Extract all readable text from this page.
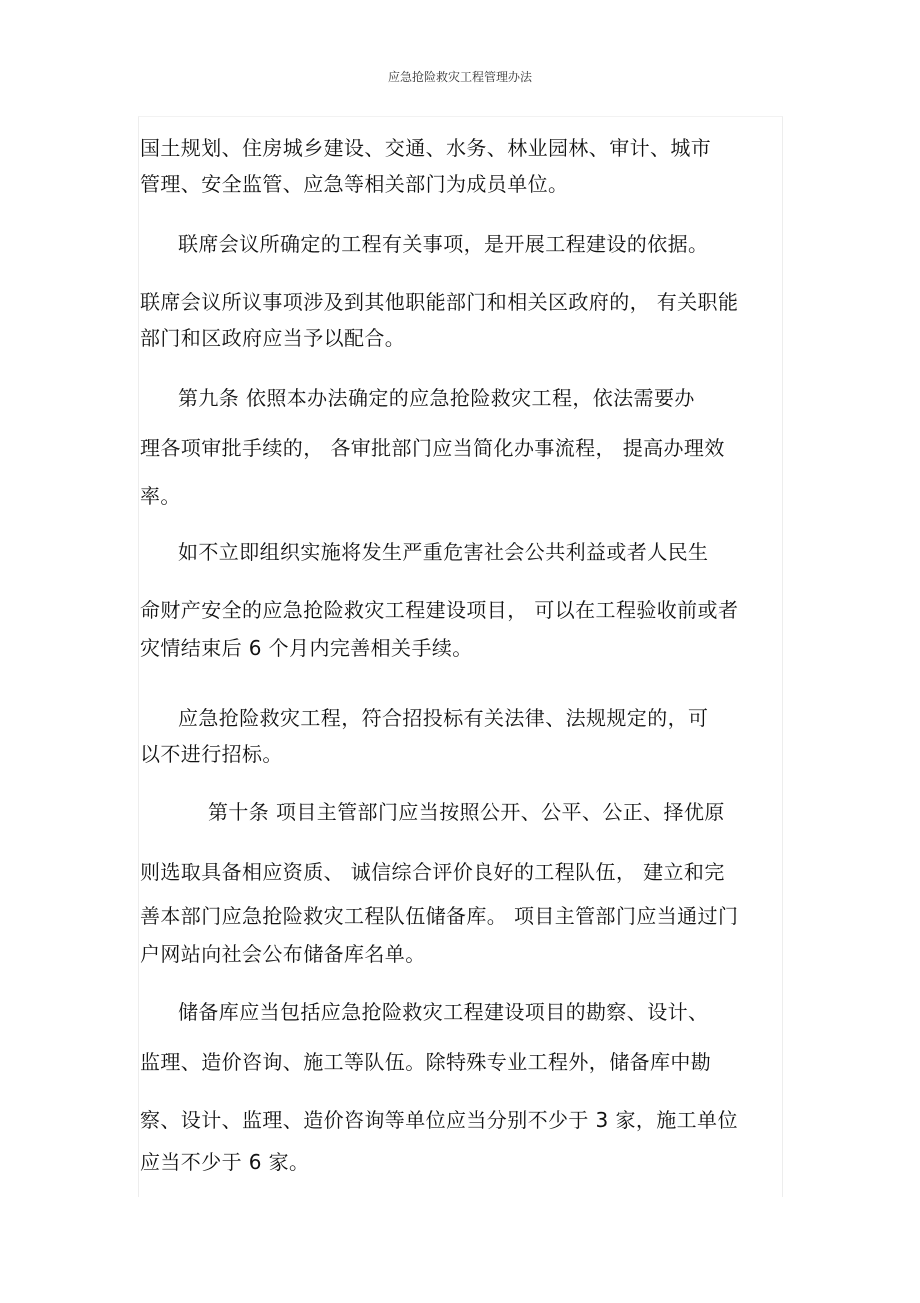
应急抢险救灾工程管理办法
国土规划、住房城乡建设、交通、水务、林业园林、审计、城市
管理、安全监管、应急等相关部门为成员单位。
联席会议所确定的工程有关事项，是开展工程建设的依据。
联席会议所议事项涉及到其他职能部门和相关区政府的， 有关职能
部门和区政府应当予以配合。
第九条 依照本办法确定的应急抢险救灾工程，依法需要办
理各项审批手续的， 各审批部门应当简化办事流程， 提高办理效
率。
如不立即组织实施将发生严重危害社会公共利益或者人民生
命财产安全的应急抢险救灾工程建设项目， 可以在工程验收前或者
灾情结束后 6 个月内完善相关手续。
应急抢险救灾工程，符合招投标有关法律、法规规定的，可
以不进行招标。
第十条 项目主管部门应当按照公开、公平、公正、择优原
则选取具备相应资质、 诚信综合评价良好的工程队伍， 建立和完
善本部门应急抢险救灾工程队伍储备库。 项目主管部门应当通过门
户网站向社会公布储备库名单。
储备库应当包括应急抢险救灾工程建设项目的勘察、设计、
监理、造价咨询、施工等队伍。除特殊专业工程外，储备库中勘
察、设计、监理、造价咨询等单位应当分别不少于 3 家，施工单位
应当不少于 6 家。
